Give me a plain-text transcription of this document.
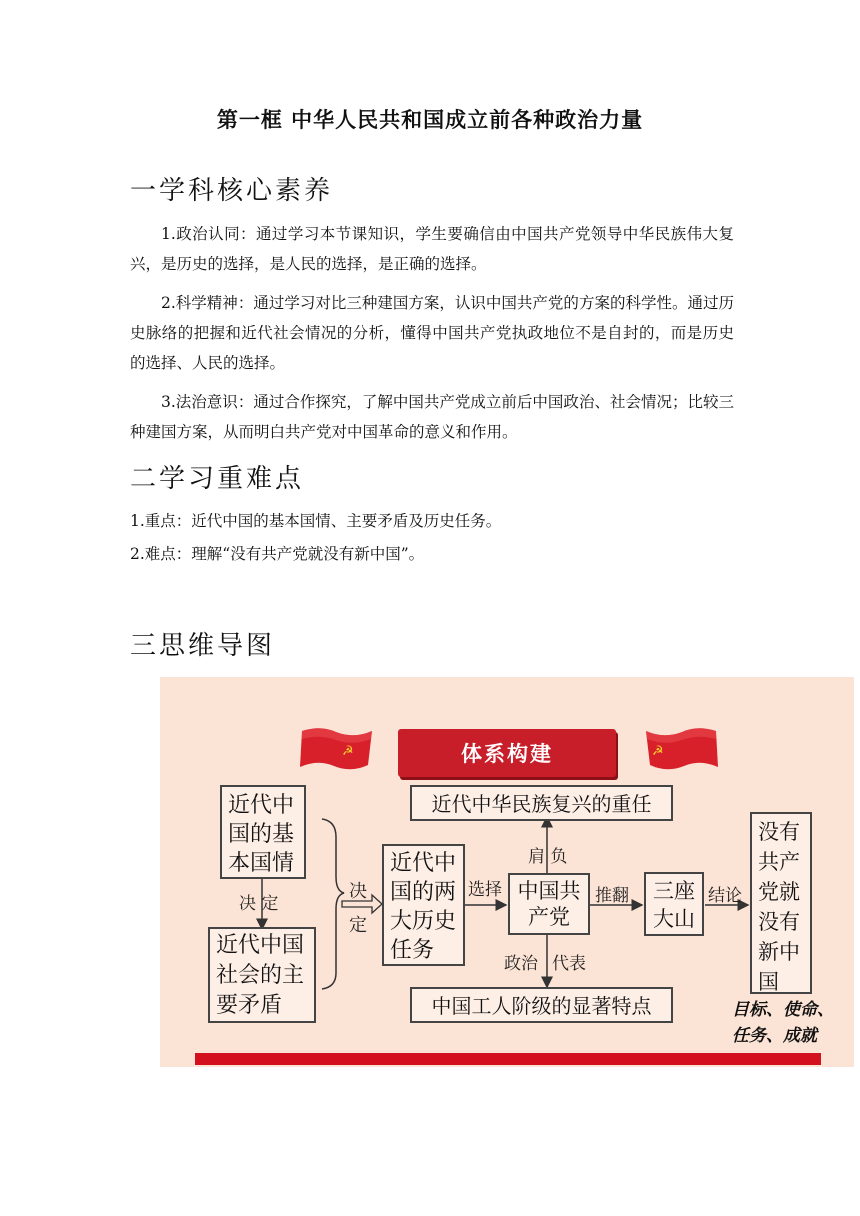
第一框 中华人民共和国成立前各种政治力量
一学科核心素养
1.政治认同：通过学习本节课知识，学生要确信由中国共产党领导中华民族伟大复兴，是历史的选择，是人民的选择，是正确的选择。
2.科学精神：通过学习对比三种建国方案，认识中国共产党的方案的科学性。通过历史脉络的把握和近代社会情况的分析，懂得中国共产党执政地位不是自封的，而是历史的选择、人民的选择。
3.法治意识：通过合作探究，了解中国共产党成立前后中国政治、社会情况；比较三种建国方案，从而明白共产党对中国革命的意义和作用。
二学习重难点
1.重点：近代中国的基本国情、主要矛盾及历史任务。
2.难点：理解“没有共产党就没有新中国”。
三思维导图
☭	☭
体系构建
近代中国的基本国情
近代中国社会的主要矛盾
近代中国的两大历史任务
中国共产党
三座大山
没有共产党就没有新中国
近代中华民族复兴的重任
中国工人阶级的显著特点
决 定
决
定
选择
肩 负
政治 代表
推翻	结论
目标、使命、 任务、成就
